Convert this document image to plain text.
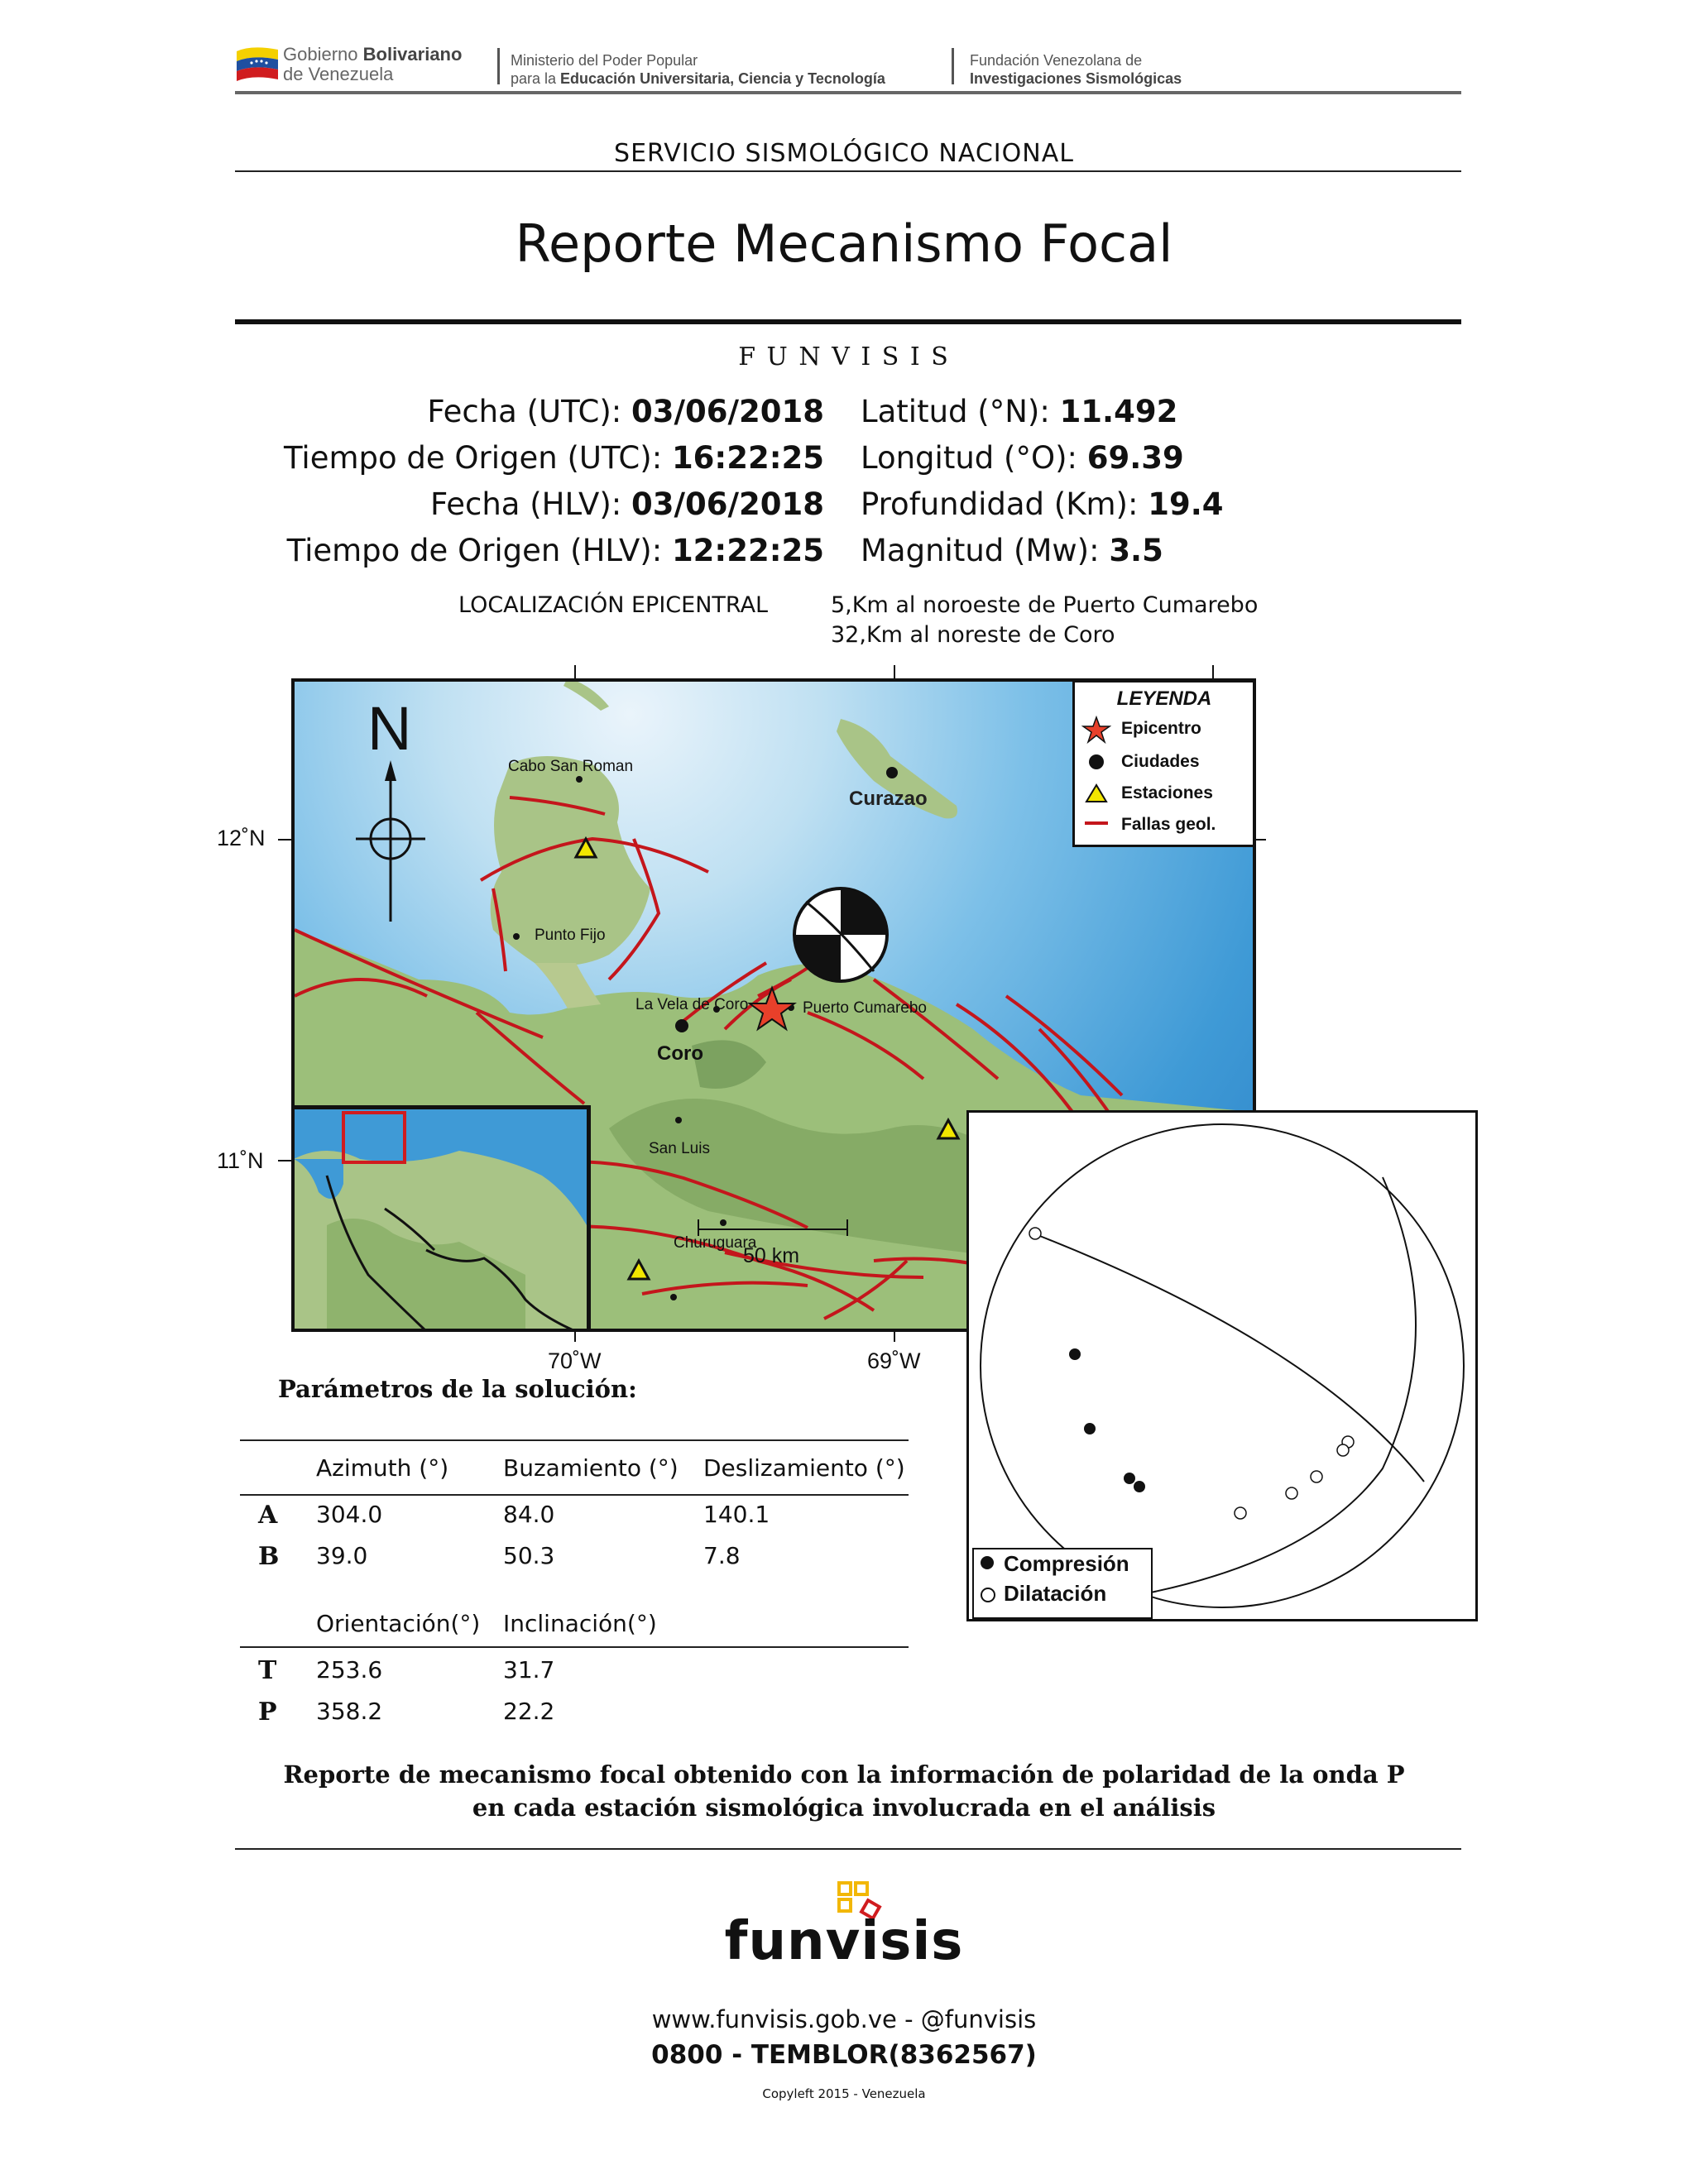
Gobierno Bolivariano
de Venezuela
Ministerio del Poder Popular
para la Educación Universitaria, Ciencia y Tecnología
Fundación Venezolana de
Investigaciones Sismológicas
SERVICIO SISMOLÓGICO NACIONAL
Reporte Mecanismo Focal
F U N V I S I S
Fecha (UTC): 03/06/2018
Tiempo de Origen (UTC): 16:22:25
Fecha (HLV): 03/06/2018
Tiempo de Origen (HLV): 12:22:25
Latitud (°N): 11.492
Longitud (°O): 69.39
Profundidad (Km): 19.4
Magnitud (Mw): 3.5
LOCALIZACIÓN EPICENTRAL	5,Km al noroeste de Puerto Cumarebo
32,Km al noreste de Coro
12˚N
11˚N
70˚W	69˚W
N
Cabo San Roman
Punto Fijo
La Vela de Coro	Puerto Cumarebo
Coro
San Luis
Churuguara
50 km
Curazao
LEYENDA
Epicentro
Ciudades
Estaciones
Fallas geol.
Compresión
Dilatación
Parámetros de la solución:
Azimuth (°) Buzamiento (°) Deslizamiento (°)
A 304.0	84.0	140.1
B 39.0	50.3	7.8
Orientación(°) Inclinación(°)
T 253.6	31.7
P 358.2	22.2
Reporte de mecanismo focal obtenido con la información de polaridad de la onda P
en cada estación sismológica involucrada en el análisis
funvisis
www.funvisis.gob.ve - @funvisis
0800 - TEMBLOR(8362567)
Copyleft 2015 - Venezuela
